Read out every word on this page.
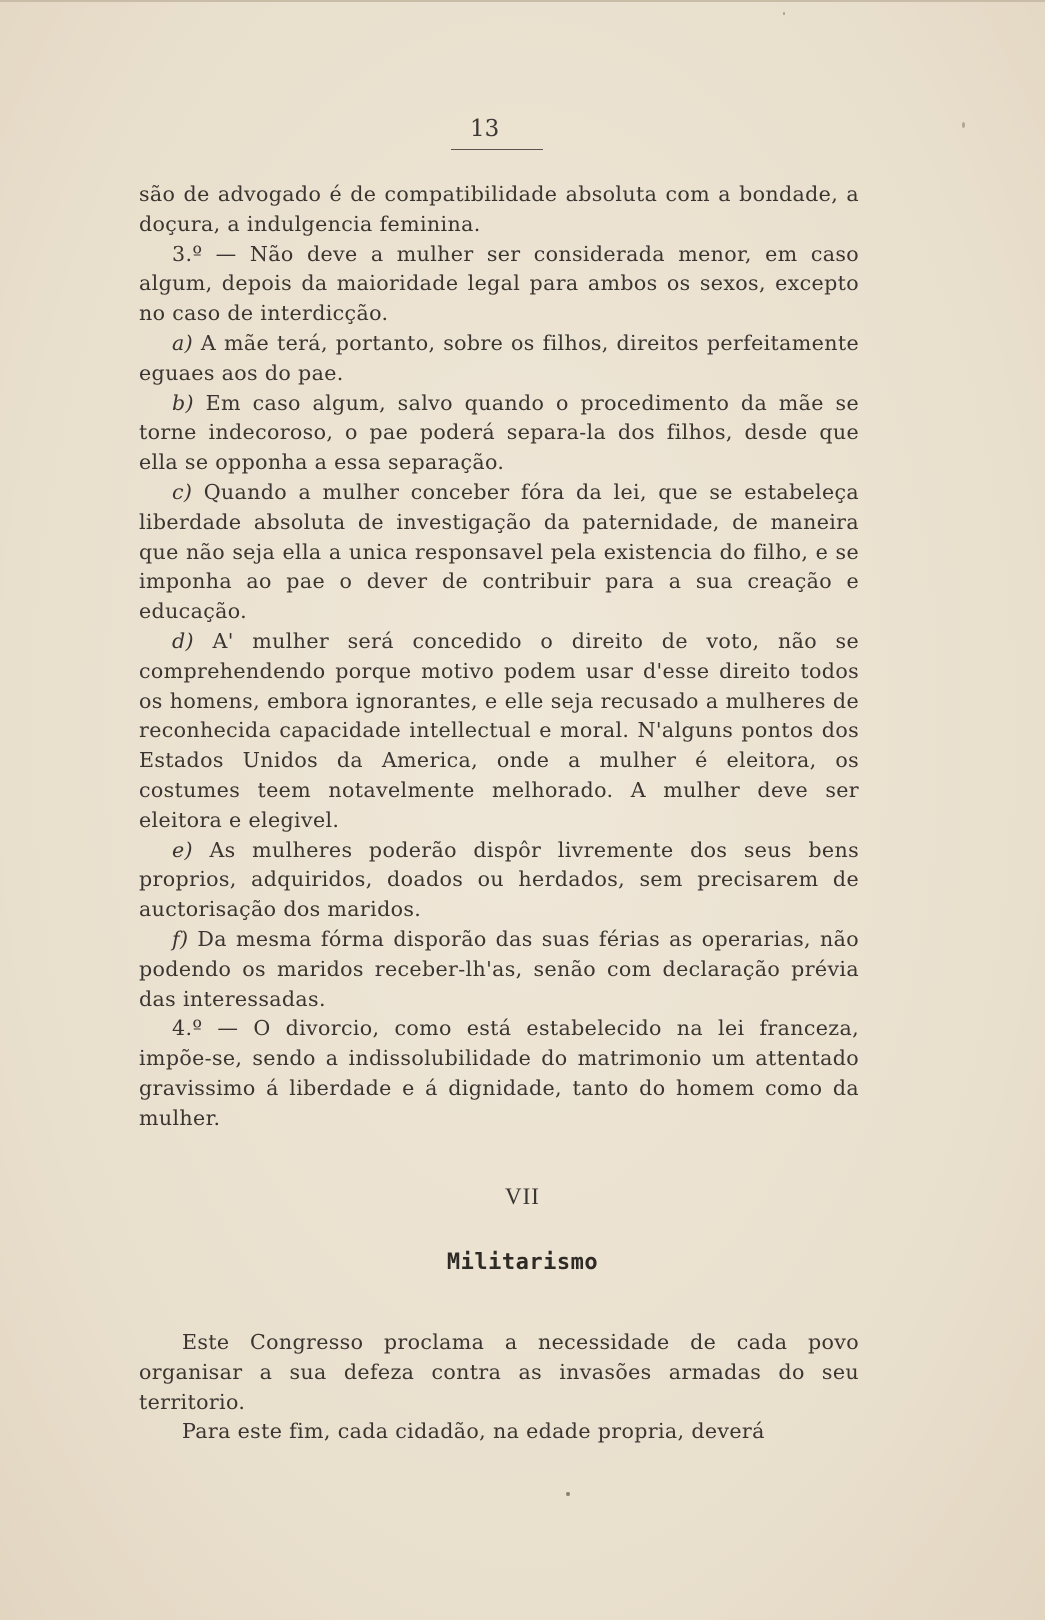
13

são de advogado é de compatibilidade absoluta com a bondade, a doçura, a indulgencia feminina.

3.º — Não deve a mulher ser considerada menor, em caso algum, depois da maioridade legal para ambos os sexos, excepto no caso de interdicção.

a) A mãe terá, portanto, sobre os filhos, direitos perfeitamente eguaes aos do pae.

b) Em caso algum, salvo quando o procedimento da mãe se torne indecoroso, o pae poderá separa-la dos filhos, desde que ella se opponha a essa separação.

c) Quando a mulher conceber fóra da lei, que se estabeleça liberdade absoluta de investigação da paternidade, de maneira que não seja ella a unica responsavel pela existencia do filho, e se imponha ao pae o dever de contribuir para a sua creação e educação.

d) A' mulher será concedido o direito de voto, não se comprehendendo porque motivo podem usar d'esse direito todos os homens, embora ignorantes, e elle seja recusado a mulheres de reconhecida capacidade intellectual e moral. N'alguns pontos dos Estados Unidos da America, onde a mulher é eleitora, os costumes teem notavelmente melhorado. A mulher deve ser eleitora e elegivel.

e) As mulheres poderão dispôr livremente dos seus bens proprios, adquiridos, doados ou herdados, sem precisarem de auctorisação dos maridos.

f) Da mesma fórma disporão das suas férias as operarias, não podendo os maridos receber-lh'as, senão com declaração prévia das interessadas.

4.º — O divorcio, como está estabelecido na lei franceza, impõe-se, sendo a indissolubilidade do matrimonio um attentado gravissimo á liberdade e á dignidade, tanto do homem como da mulher.

VII
Militarismo

Este Congresso proclama a necessidade de cada povo organisar a sua defeza contra as invasões armadas do seu territorio.

Para este fim, cada cidadão, na edade propria, deverá
